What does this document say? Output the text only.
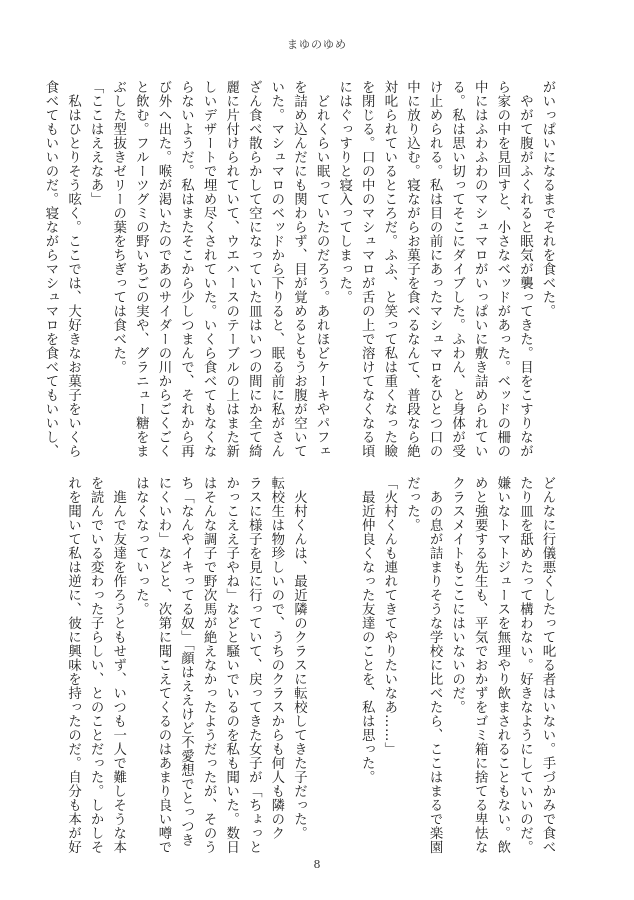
まゆのゆめ

がいっぱいになるまでそれを食べた。

　やがて腹がふくれると眠気が襲ってきた。目をこすりなが

ら家の中を見回すと、小さなベッドがあった。ベッドの柵の

中にはふわふわのマシュマロがいっぱいに敷き詰められてい

る。私は思い切ってそこにダイブした。ふわん、と身体が受

け止められる。私は目の前にあったマシュマロをひとつ口の

中に放り込む。寝ながらお菓子を食べるなんて、普段なら絶

対叱られているところだ。ふふ、と笑って私は重くなった瞼

を閉じる。口の中のマシュマロが舌の上で溶けてなくなる頃

にはぐっすりと寝入ってしまった。

　どれくらい眠っていたのだろう。あれほどケーキやパフェ

を詰め込んだにも関わらず、目が覚めるともうお腹が空いて

いた。マシュマロのベッドから下りると、眠る前に私がさん

ざん食べ散らかして空になっていた皿はいつの間にか全て綺

麗に片付けられていて、ウエハースのテーブルの上はまた新

しいデザートで埋め尽くされていた。いくら食べてもなくな

らないようだ。私はまたそこから少しつまんで、それから再

び外へ出た。喉が渇いたのであのサイダーの川からごくごく

と飲む。フルーツグミの野いちごの実や、グラニュー糖をま

ぶした型抜きゼリーの葉をちぎっては食べた。

「ここはええなあ」

　私はひとりそう呟く。ここでは、大好きなお菓子をいくら

食べてもいいのだ。寝ながらマシュマロを食べてもいいし、

どんなに行儀悪くしたって叱る者はいない。手づかみで食べ

たり皿を舐めたって構わない。好きなようにしていいのだ。

嫌いなトマトジュースを無理やり飲まされることもない。飲

めと強要する先生も、平気でおかずをゴミ箱に捨てる卑怯な

クラスメイトもここにはいないのだ。

　あの息が詰まりそうな学校に比べたら、ここはまるで楽園

だった。

「火村くんも連れてきてやりたいなあ……」

　最近仲良くなった友達のことを、私は思った。

　火村くんは、最近隣のクラスに転校してきた子だった。

転校生は物珍しいので、うちのクラスからも何人も隣のク

ラスに様子を見に行っていて、戻ってきた女子が「ちょっと

かっこええ子やね」などと騒いでいるのを私も聞いた。数日

はそんな調子で野次馬が絶えなかったようだったが、そのう

ち「なんやイキってる奴」「顔はええけど不愛想でとっつき

にくいわ」などと、次第に聞こえてくるのはあまり良い噂で

はなくなっていった。

　進んで友達を作ろうともせず、いつも一人で難しそうな本

を読んでいる変わった子らしい、とのことだった。しかしそ

れを聞いて私は逆に、彼に興味を持ったのだ。自分も本が好

8
